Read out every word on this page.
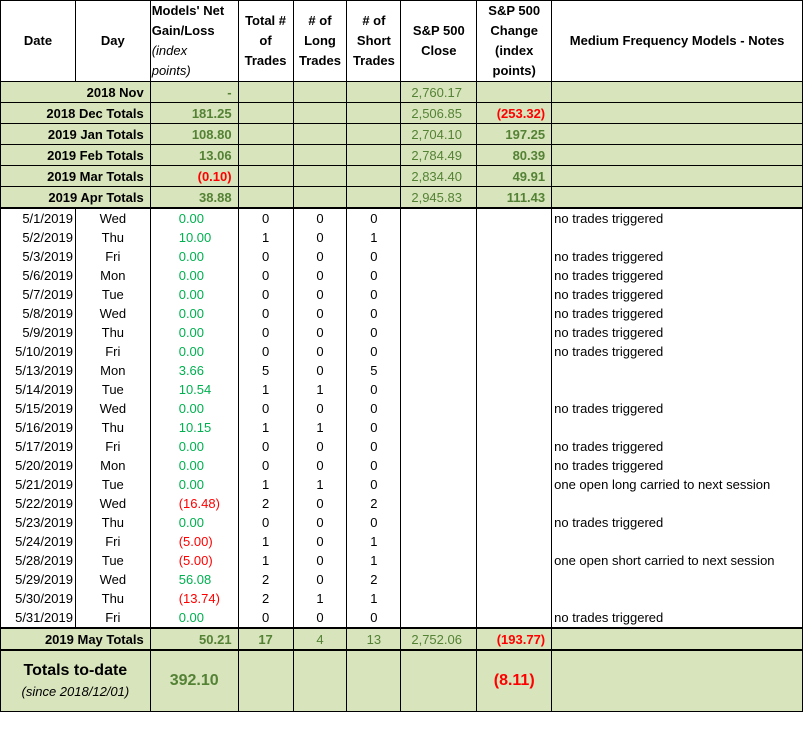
Date	Day	Models' Net
Gain/Loss
(index
points)	Total #
of
Trades	# of
Long
Trades	# of
Short
Trades	S&P 500
Close	S&P 500
Change
(index
points)	Medium Frequency Models - Notes
2018 Nov		-				2,760.17		
2018 Dec Totals		181.25				2,506.85	(253.32)	
2019 Jan Totals		108.80				2,704.10	197.25	
2019 Feb Totals		13.06				2,784.49	80.39	
2019 Mar Totals		(0.10)				2,834.40	49.91	
2019 Apr Totals		38.88				2,945.83	111.43	
5/1/2019	Wed	0.00	0	0	0			no trades triggered
5/2/2019	Thu	10.00	1	0	1			
5/3/2019	Fri	0.00	0	0	0			no trades triggered
5/6/2019	Mon	0.00	0	0	0			no trades triggered
5/7/2019	Tue	0.00	0	0	0			no trades triggered
5/8/2019	Wed	0.00	0	0	0			no trades triggered
5/9/2019	Thu	0.00	0	0	0			no trades triggered
5/10/2019	Fri	0.00	0	0	0			no trades triggered
5/13/2019	Mon	3.66	5	0	5			
5/14/2019	Tue	10.54	1	1	0			
5/15/2019	Wed	0.00	0	0	0			no trades triggered
5/16/2019	Thu	10.15	1	1	0			
5/17/2019	Fri	0.00	0	0	0			no trades triggered
5/20/2019	Mon	0.00	0	0	0			no trades triggered
5/21/2019	Tue	0.00	1	1	0			one open long carried to next session
5/22/2019	Wed	(16.48)	2	0	2			
5/23/2019	Thu	0.00	0	0	0			no trades triggered
5/24/2019	Fri	(5.00)	1	0	1			
5/28/2019	Tue	(5.00)	1	0	1			one open short carried to next session
5/29/2019	Wed	56.08	2	0	2			
5/30/2019	Thu	(13.74)	2	1	1			
5/31/2019	Fri	0.00	0	0	0			no trades triggered
2019 May Totals		50.21	17	4	13	2,752.06	(193.77)	

Totals to-date
(since 2018/12/01)		392.10					(8.11)	
